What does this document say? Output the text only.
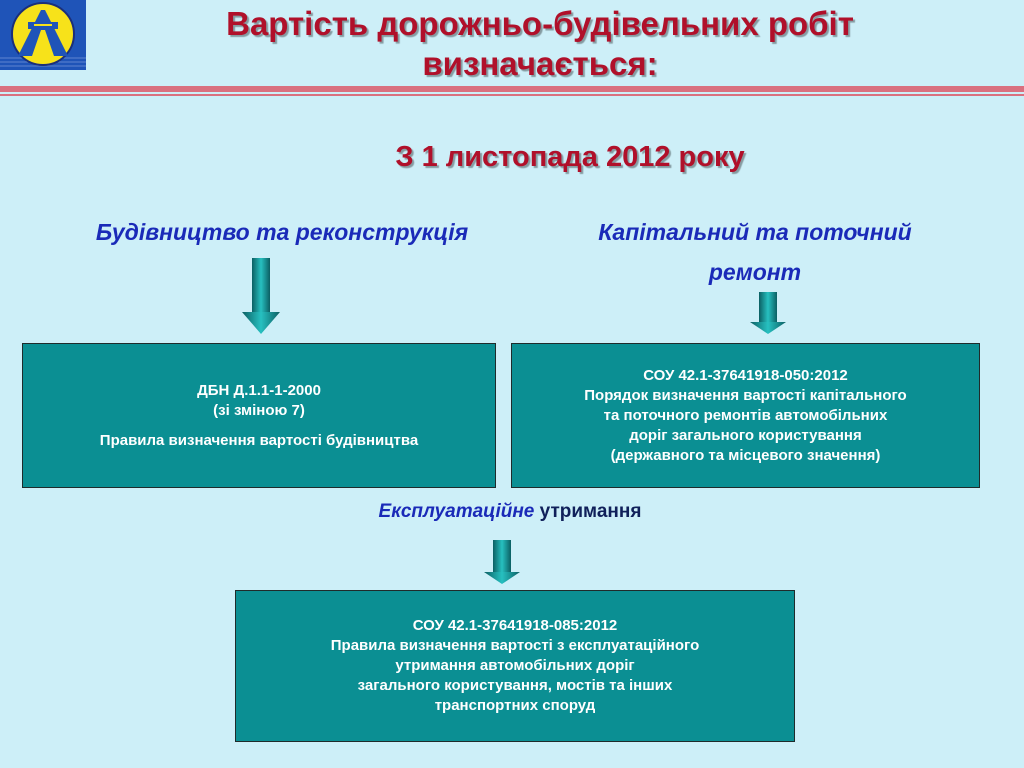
Вартість дорожньо-будівельних робіт
визначається:
З 1 листопада 2012 року
Будівництво та реконструкція

ДБН Д.1.1-1-2000

(зі зміною 7)

Правила визначення вартості будівництва

Капітальний та поточний
ремонт

СОУ 42.1-37641918-050:2012

Порядок визначення вартості капітального

та поточного ремонтів автомобільних

доріг загального користування

(державного та місцевого значення)

Експлуатаційне утримання

СОУ 42.1-37641918-085:2012

Правила визначення вартості з експлуатаційного

утримання автомобільних доріг

загального користування, мостів та інших

транспортних споруд
